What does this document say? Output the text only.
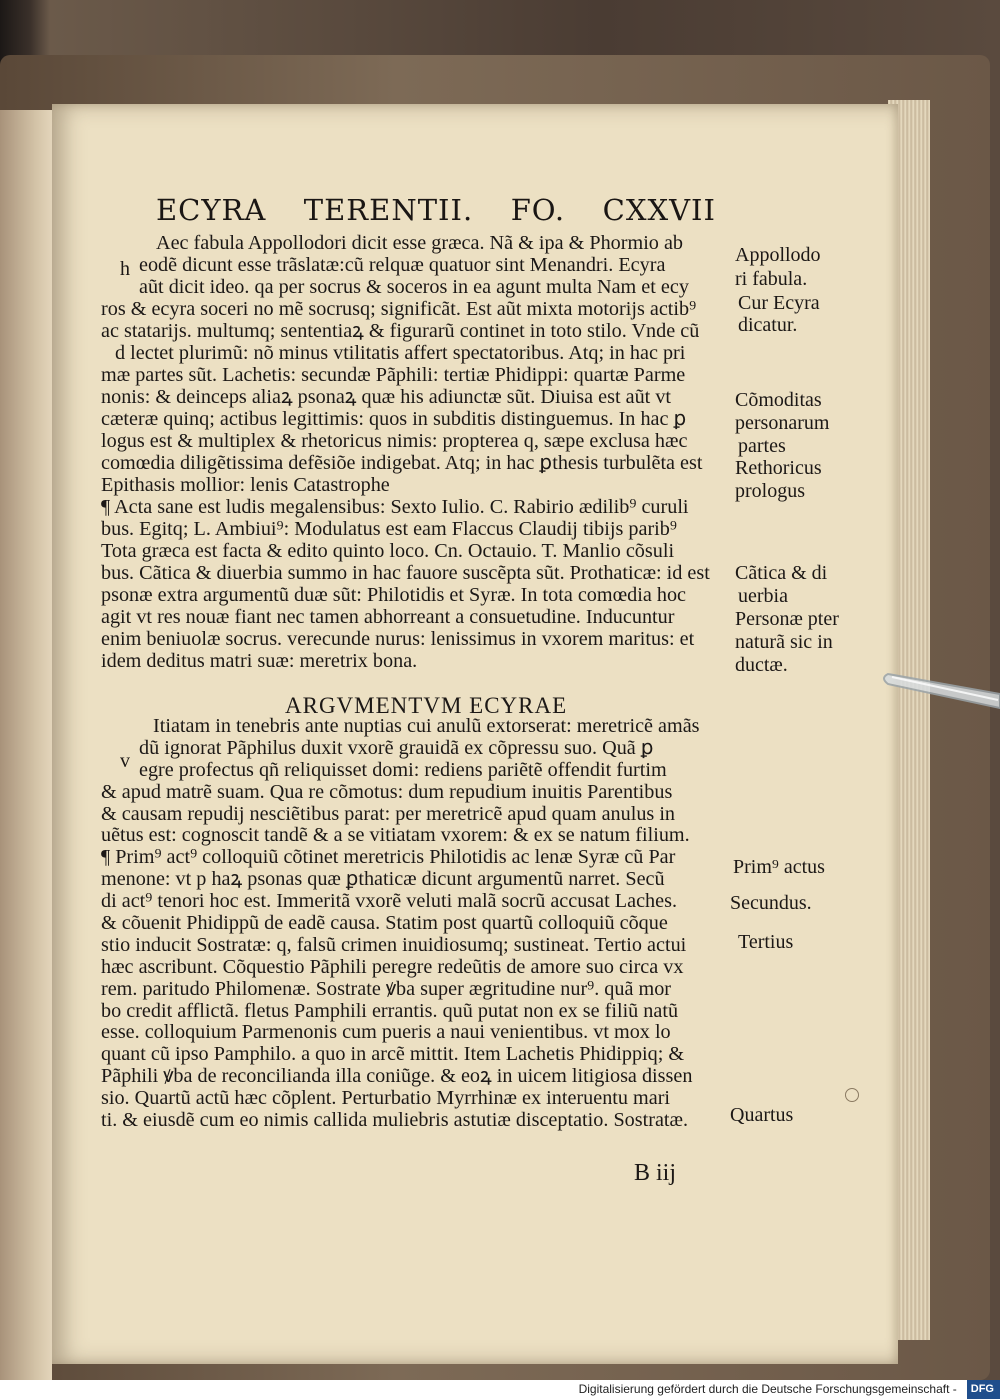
ECYRA TERENTII. FO. CXXVII
h
v
Aec fabula Appollodori dicit esse græca. Nã & ipa & Phormio ab
eodẽ dicunt esse trãslatæ:cũ relquæ quatuor sint Menandri. Ecyra
aũt dicit ideo. qa per socrus & soceros in ea agunt multa Nam et ecy
ros & ecyra soceri no mẽ socrusq; significãt. Est aũt mixta motorijs actib⁹
ac statarijs. multumq; sententiaꝝ & figurarũ continet in toto stilo. Vnde cũ
d lectet plurimũ: nõ minus vtilitatis affert spectatoribus. Atq; in hac pri
mæ partes sũt. Lachetis: secundæ Pãphili: tertiæ Phidippi: quartæ Parme
nonis: & deinceps aliaꝝ psonaꝝ quæ his adiunctæ sũt. Diuisa est aũt vt
cæteræ quinq; actibus legittimis: quos in subditis distinguemus. In hac ꝑ
logus est & multiplex & rhetoricus nimis: propterea q, sæpe exclusa hæc
comœdia diligẽtissima defẽsiõe indigebat. Atq; in hac ꝑthesis turbulẽta est
Epithasis mollior: lenis Catastrophe
¶ Acta sane est ludis megalensibus: Sexto Iulio. C. Rabirio ædilib⁹ curuli
bus. Egitq; L. Ambiui⁹: Modulatus est eam Flaccus Claudij tibijs parib⁹
Tota græca est facta & edito quinto loco. Cn. Octauio. T. Manlio cõsuli
bus. Cãtica & diuerbia summo in hac fauore suscẽpta sũt. Prothaticæ: id est
psonæ extra argumentũ duæ sũt: Philotidis et Syræ. In tota comœdia hoc
agit vt res nouæ fiant nec tamen abhorreant a consuetudine. Inducuntur
enim beniuolæ socrus. verecunde nurus: lenissimus in vxorem maritus: et
idem deditus matri suæ: meretrix bona.
ARGVMENTVM ECYRAE
Itiatam in tenebris ante nuptias cui anulũ extorserat: meretricẽ amãs
dũ ignorat Pãphilus duxit vxorẽ grauidã ex cõpressu suo. Quã ꝑ
egre profectus qñ reliquisset domi: rediens pariẽtẽ offendit furtim
& apud matrẽ suam. Qua re cõmotus: dum repudium inuitis Parentibus
& causam repudij nesciẽtibus parat: per meretricẽ apud quam anulus in
uẽtus est: cognoscit tandẽ & a se vitiatam vxorem: & ex se natum filium.
¶ Prim⁹ act⁹ colloquiũ cõtinet meretricis Philotidis ac lenæ Syræ cũ Par
menone: vt p haꝝ psonas quæ ꝑthaticæ dicunt argumentũ narret. Secũ
di act⁹ tenori hoc est. Immeritã vxorẽ veluti malã socrũ accusat Laches.
& cõuenit Phidippũ de eadẽ causa. Statim post quartũ colloquiũ cõque
stio inducit Sostratæ: q, falsũ crimen inuidiosumq; sustineat. Tertio actui
hæc ascribunt. Cõquestio Pãphili peregre redeũtis de amore suo circa vx
rem. paritudo Philomenæ. Sostrate ꝟba super ægritudine nur⁹. quã mor
bo credit afflictã. fletus Pamphili errantis. quũ putat non ex se filiũ natũ
esse. colloquium Parmenonis cum pueris a naui venientibus. vt mox lo
quant cũ ipso Pamphilo. a quo in arcẽ mittit. Item Lachetis Phidippiq; &
Pãphili ꝟba de reconcilianda illa coniũge. & eoꝝ in uicem litigiosa dissen
sio. Quartũ actũ hæc cõplent. Perturbatio Myrrhinæ ex interuentu mari
ti. & eiusdẽ cum eo nimis callida muliebris astutiæ disceptatio. Sostratæ.
Appollodo
ri fabula.
Cur Ecyra
dicatur.
Cõmoditas
personarum
partes
Rethoricus
prologus
Cãtica & di
uerbia
Personæ pter
naturã sic in
ductæ.
Prim⁹ actus
Secundus.
Tertius
Quartus
B iij
Digitalisierung gefördert durch die Deutsche Forschungsgemeinschaft - DFG
